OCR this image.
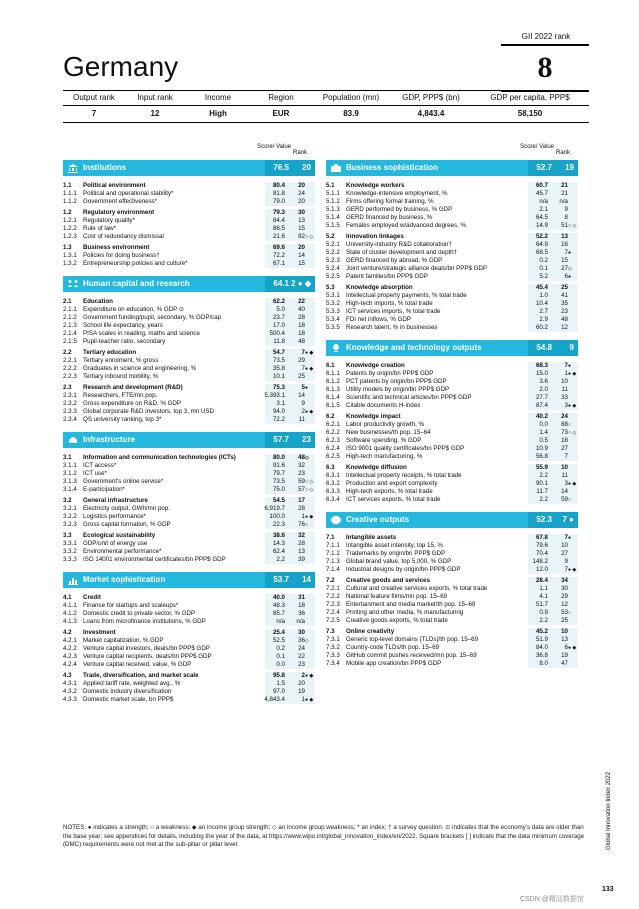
GII 2022 rank
8
Germany
Output rank	Input rank	Income	Region	Population (mn)	GDP, PPP$ (bn)	GDP per capita, PPP$
7	12	High	EUR	83.9	4,843.4	58,150
Score/ Value
Rank
Institutions	76.5 20
1.1	Political environment	80.4	20
1.1.1	Political and operational stability*	81.8	24
1.1.2	Government effectiveness*	79.0	20
1.2	Regulatory environment	79.3	30
1.2.1	Regulatory quality*	84.4	13
1.2.2	Rule of law*	86.5	15
1.2.3	Cost of redundancy dismissal	21.6	92 ○ ◇
1.3	Business environment	69.6	20
1.3.1	Policies for doing business†	72.2	14
1.3.2	Entrepreneurship policies and culture*	67.1	15
Human capital and research	64.1 2 ● ◆
2.1	Education	62.2	22
2.1.1	Expenditure on education, % GDP ⊙	5.0	40
2.1.2	Government funding/pupil, secondary, % GDP/cap	23.7	28
2.1.3	School life expectancy, years	17.0	18
2.1.4	PISA scales in reading, maths and science	500.4	18
2.1.5	Pupil-teacher ratio, secondary	11.8	48
2.2	Tertiary education	54.7	7 ● ◆
2.2.1	Tertiary enrolment, % gross	73.5	29
2.2.2	Graduates in science and engineering, %	35.8	7 ● ◆
2.2.3	Tertiary inbound mobility, %	10.1	25
2.3	Research and development (R&D)	75.3	5 ●
2.3.1	Researchers, FTE/mn pop.	5,393.1	14
2.3.2	Gross expenditure on R&D, % GDP	3.1	9
2.3.3	Global corporate R&D investors, top 3, mn USD	94.0	2 ● ◆
2.3.4	QS university ranking, top 3*	72.2	11
Infrastructure	57.7 23
3.1	Information and communication technologies (ICTs)	80.0	48 ◇
3.1.1	ICT access*	91.6	32
3.1.2	ICT use*	79.7	23
3.1.3	Government's online service*	73.5	59 ○ ◇
3.1.4	E-participation*	75.0	57 ○ ◇
3.2	General infrastructure	54.5	17
3.2.1	Electricity output, GWh/mn pop.	6,919.7	28
3.2.2	Logistics performance*	100.0	1 ● ◆
3.2.3	Gross capital formation, % GDP	22.3	76 ○
3.3	Ecological sustainability	38.6	32
3.3.1	GDP/unit of energy use	14.3	28
3.3.2	Environmental performance*	62.4	13
3.3.3	ISO 14001 environmental certificates/bn PPP$ GDP	2.2	39
Market sophistication	53.7 14
4.1	Credit	40.0	31
4.1.1	Finance for startups and scaleups*	48.3	18
4.1.2	Domestic credit to private sector, % GDP	85.7	36
4.1.3	Loans from microfinance institutions, % GDP	n/a	n/a
4.2	Investment	25.4	30
4.2.1	Market capitalization, % GDP	52.5	36 ◇
4.2.2	Venture capital investors, deals/bn PPP$ GDP	0.2	24
4.2.3	Venture capital recipients, deals/bn PPP$ GDP	0.1	22
4.2.4	Venture capital received, value, % GDP	0.0	23
4.3	Trade, diversification, and market scale	95.8	2 ● ◆
4.3.1	Applied tariff rate, weighted avg., %	1.5	20
4.3.2	Domestic industry diversification	97.0	19
4.3.3	Domestic market scale, bn PPP$	4,843.4	1 ● ◆
Score/ Value
Rank
Business sophistication	52.7 19
5.1	Knowledge workers	60.7	21
5.1.1	Knowledge-intensive employment, %	45.7	21
5.1.2	Firms offering formal training, %	n/a	n/a
5.1.3	GERD performed by business, % GDP	2.1	9
5.1.4	GERD financed by business, %	64.5	8
5.1.5	Females employed w/advanced degrees, %	14.9	51 ○ ◇
5.2	Innovation linkages	52.2	13
5.2.1	University-industry R&D collaboration†	64.9	16
5.2.2	State of cluster development and depth†	68.5	7 ●
5.2.3	GERD financed by abroad, % GDP	0.2	15
5.2.4	Joint venture/strategic alliance deals/bn PPP$ GDP	0.1	27 ◇
5.2.5	Patent families/bn PPP$ GDP	5.2	6 ●
5.3	Knowledge absorption	45.4	25
5.3.1	Intellectual property payments, % total trade	1.0	41
5.3.2	High-tech imports, % total trade	10.4	35
5.3.3	ICT services imports, % total trade	2.7	23
5.3.4	FDI net inflows, % GDP	2.9	48
5.3.5	Research talent, % in businesses	60.2	12
Knowledge and technology outputs	54.8 9
6.1	Knowledge creation	68.3	7 ●
6.1.1	Patents by origin/bn PPP$ GDP	15.0	1 ● ◆
6.1.2	PCT patents by origin/bn PPP$ GDP	3.6	10
6.1.3	Utility models by origin/bn PPP$ GDP	2.0	11
6.1.4	Scientific and technical articles/bn PPP$ GDP	27.7	33
6.1.5	Citable documents H-index	87.4	3 ● ◆
6.2	Knowledge impact	40.2	24
6.2.1	Labor productivity growth, %	0.0	88 ○
6.2.2	New businesses/th pop. 15–64	1.4	73 ○ ◇
6.2.3	Software spending, % GDP	0.5	18
6.2.4	ISO 9001 quality certificates/bn PPP$ GDP	10.9	27
6.2.5	High-tech manufacturing, %	56.8	7
6.3	Knowledge diffusion	55.9	10
6.3.1	Intellectual property receipts, % total trade	2.2	11
6.3.2	Production and export complexity	90.1	3 ● ◆
6.3.3	High-tech exports, % total trade	11.7	14
6.3.4	ICT services exports, % total trade	2.2	59 ○
Creative outputs	52.3 7 ●
7.1	Intangible assets	67.8	7 ●
7.1.1	Intangible asset intensity, top 15, %	79.6	10
7.1.2	Trademarks by origin/bn PPP$ GDP	70.4	27
7.1.3	Global brand value, top 5,000, % GDP	148.2	9
7.1.4	Industrial designs by origin/bn PPP$ GDP	12.0	7 ● ◆
7.2	Creative goods and services	28.4	34
7.2.1	Cultural and creative services exports, % total trade	1.1	30
7.2.2	National feature films/mn pop. 15–69	4.1	29
7.2.3	Entertainment and media market/th pop. 15–69	51.7	12
7.2.4	Printing and other media, % manufacturing	0.9	53 ○
7.2.5	Creative goods exports, % total trade	2.2	25
7.3	Online creativity	45.2	10
7.3.1	Generic top-level domains (TLDs)/th pop. 15–69	51.9	13
7.3.2	Country-code TLDs/th pop. 15–69	84.0	6 ● ◆
7.3.3	GitHub commit pushes received/mn pop. 15–69	36.8	19
7.3.4	Mobile app creation/bn PPP$ GDP	8.0	47
NOTES: ● indicates a strength; ○ a weakness; ◆ an income group strength; ◇ an income group weakness; * an index; † a survey question. ⊙ indicates that the economy's data are older than the base year; see appendices for details, including the year of the data, at https://www.wipo.int/global_innovation_index/en/2022. Square brackets [ ] indicate that the data minimum coverage (DMC) requirements were not met at the sub-pillar or pillar level.	Global Innovation Index 2022
133
CSDN @精品数据馆
